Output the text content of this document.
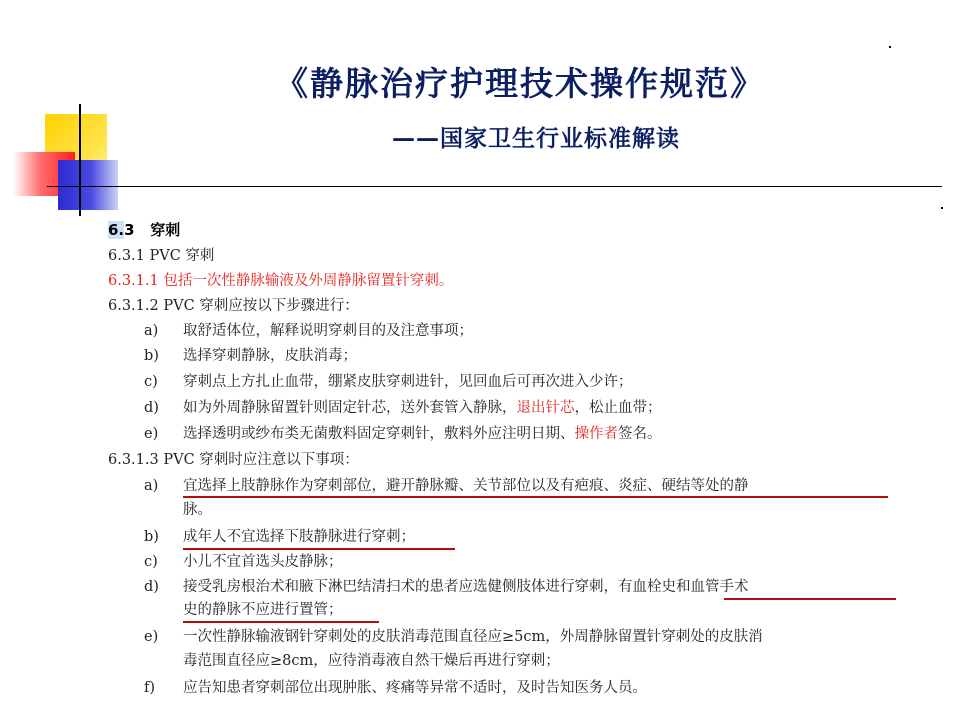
《静脉治疗护理技术操作规范》
——国家卫生行业标准解读
6.3 穿刺
6.3.1 PVC 穿刺
6.3.1.1 包括一次性静脉输液及外周静脉留置针穿刺。
6.3.1.2 PVC 穿刺应按以下步骤进行：
a) 取舒适体位，解释说明穿刺目的及注意事项；
b) 选择穿刺静脉，皮肤消毒；
c) 穿刺点上方扎止血带，绷紧皮肤穿刺进针，见回血后可再次进入少许；
d) 如为外周静脉留置针则固定针芯，送外套管入静脉，退出针芯，松止血带；
e) 选择透明或纱布类无菌敷料固定穿刺针，敷料外应注明日期、操作者签名。
6.3.1.3 PVC 穿刺时应注意以下事项：
a) 宜选择上肢静脉作为穿刺部位，避开静脉瓣、关节部位以及有疤痕、炎症、硬结等处的静
脉。
b) 成年人不宜选择下肢静脉进行穿刺；
c) 小儿不宜首选头皮静脉；
d) 接受乳房根治术和腋下淋巴结清扫术的患者应选健侧肢体进行穿刺，有血栓史和血管手术
史的静脉不应进行置管；
e) 一次性静脉输液钢针穿刺处的皮肤消毒范围直径应≥5cm，外周静脉留置针穿刺处的皮肤消
毒范围直径应≥8cm，应待消毒液自然干燥后再进行穿刺；
f) 应告知患者穿刺部位出现肿胀、疼痛等异常不适时，及时告知医务人员。
